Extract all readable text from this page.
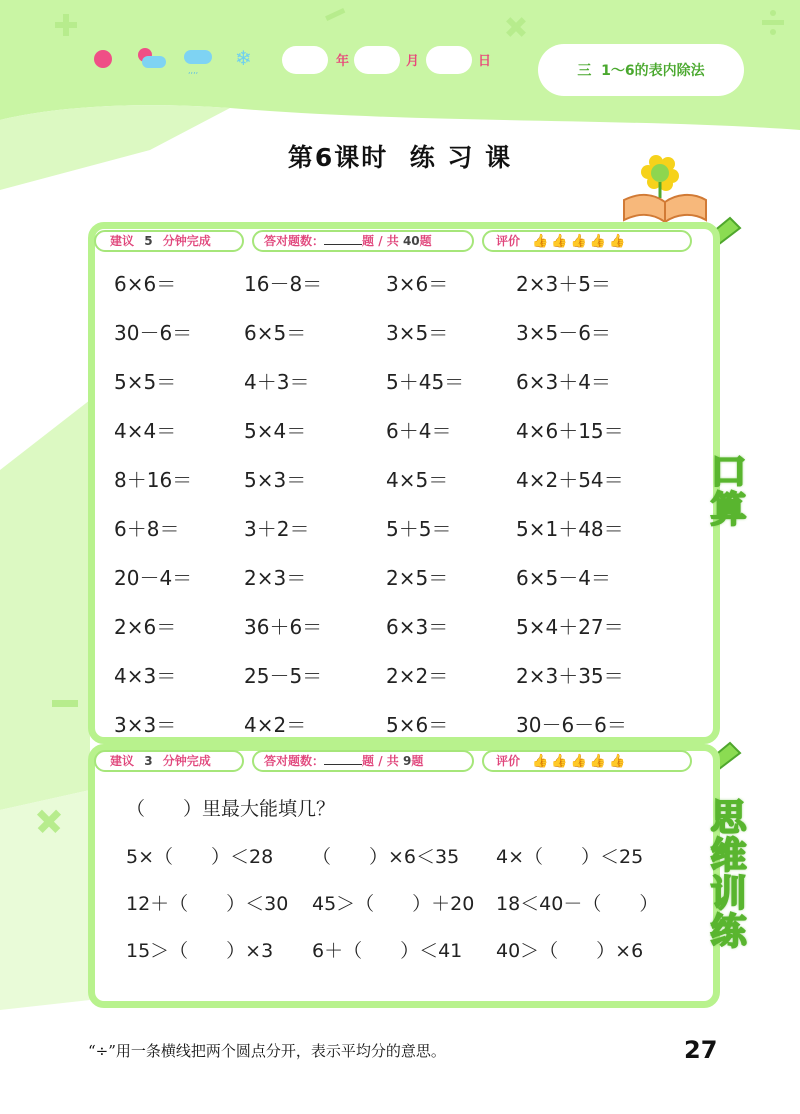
,,,,
❄	年	月	日
三  1～6的表内除法
第6课时  练 习 课
建议 5 分钟完成	答对题数：	题 / 共 40题	评价 👍👍👍👍👍
口算
6×6＝	16－8＝	3×6＝	2×3＋5＝
30－6＝	6×5＝	3×5＝	3×5－6＝
5×5＝	4＋3＝	5＋45＝	6×3＋4＝
4×4＝	5×4＝	6＋4＝	4×6＋15＝
8＋16＝	5×3＝	4×5＝	4×2＋54＝
6＋8＝	3＋2＝	5＋5＝	5×1＋48＝
20－4＝	2×3＝	2×5＝	6×5－4＝
2×6＝	36＋6＝	6×3＝	5×4＋27＝
4×3＝	25－5＝	2×2＝	2×3＋35＝
3×3＝	4×2＝	5×6＝	30－6－6＝
建议 3 分钟完成	答对题数：	题 / 共 9题	评价 👍👍👍👍👍
思维训练
（　　）里最大能填几？
5×（　　）＜28 （　　）×6＜35 4×（　　）＜25
12＋（　　）＜30 45＞（　　）＋20 18＜40－（　　）
15＞（　　）×3 6＋（　　）＜41 40＞（　　）×6
“÷”用一条横线把两个圆点分开，表示平均分的意思。	27
